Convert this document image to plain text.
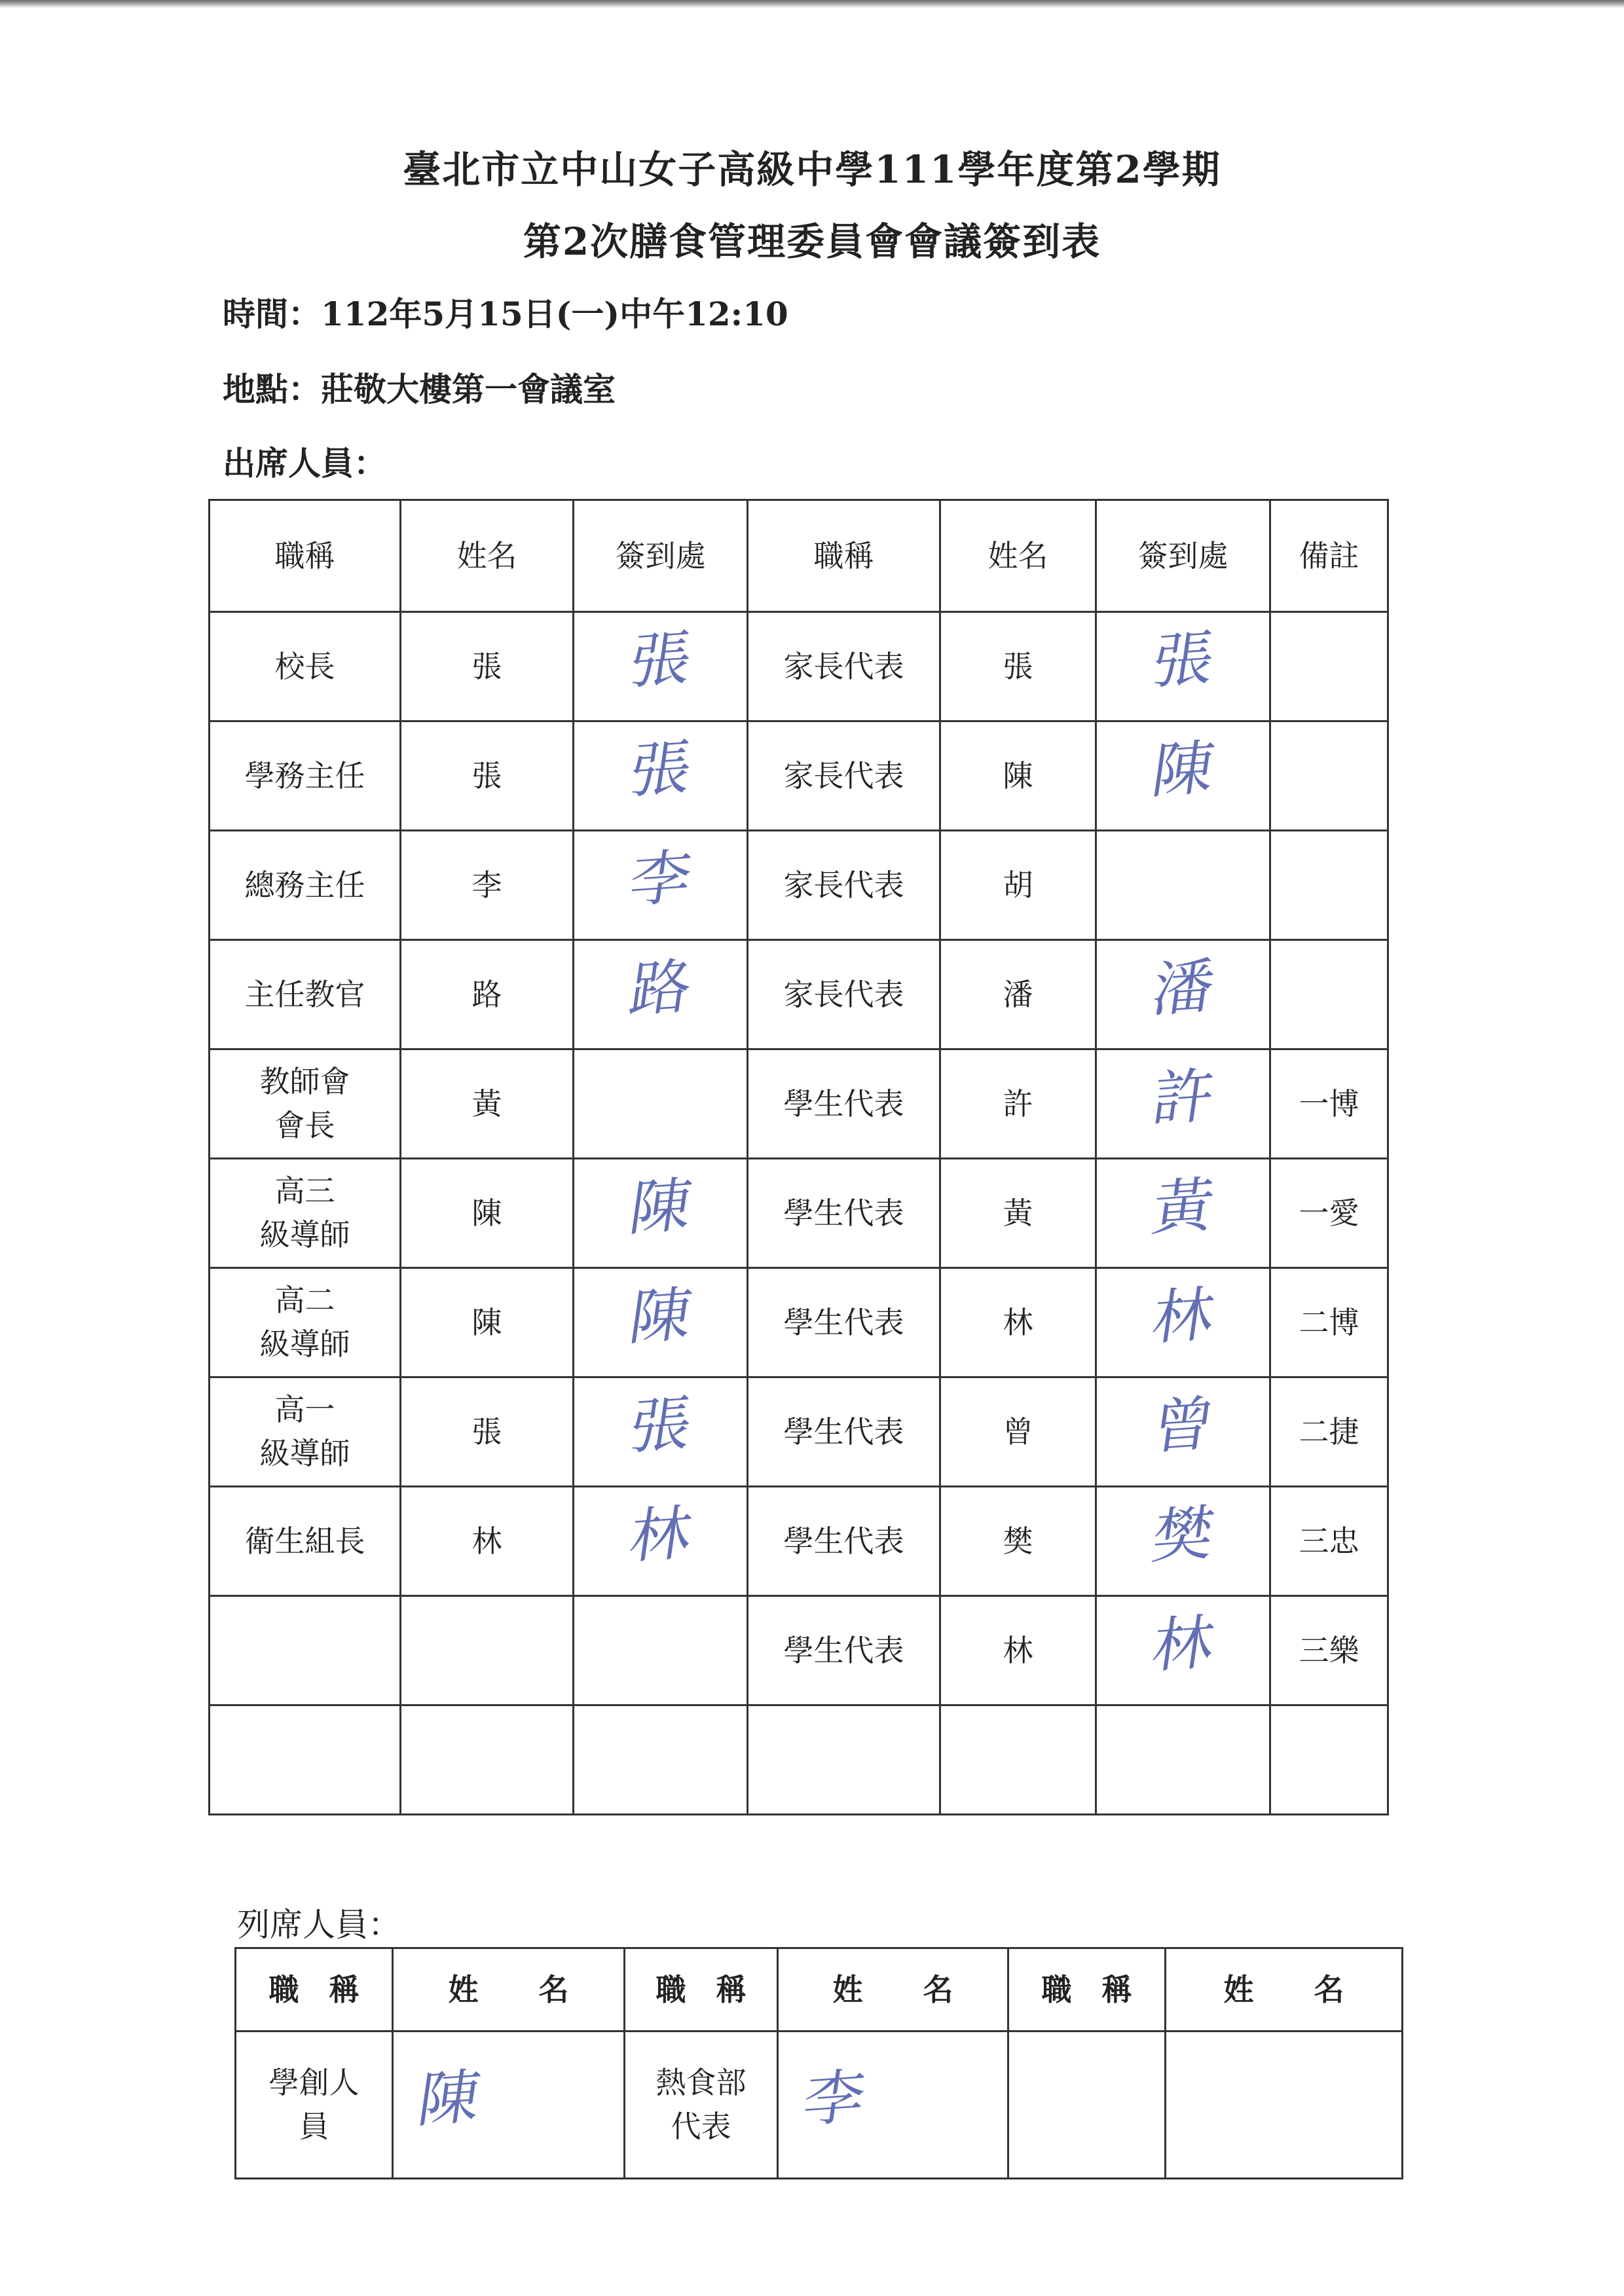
臺北市立中山女子高級中學111學年度第2學期
第2次膳食管理委員會會議簽到表
時間：112年5月15日(一)中午12:10
地點：莊敬大樓第一會議室
出席人員：
職稱	姓名	簽到處	職稱	姓名	簽到處	備註
校長	張	張	家長代表	張	張	

學務主任	張	張	家長代表	陳	陳	

總務主任	李	李	家長代表	胡		
主任教官	路	路	家長代表	潘	潘	

教師會
會長	黃		學生代表	許	許	一博
高三
級導師	陳	陳	學生代表	黃	黃	一愛
高二
級導師	陳	陳	學生代表	林	林	二博
高一
級導師	張	張	學生代表	曾	曾	二捷
衛生組長	林	林	學生代表	樊	樊	三忠
			學生代表	林	林	三樂

列席人員：
職　稱	姓　　名	職　稱	姓　　名	職　稱	姓　　名
學創人
員	陳	熱食部
代表	李		
